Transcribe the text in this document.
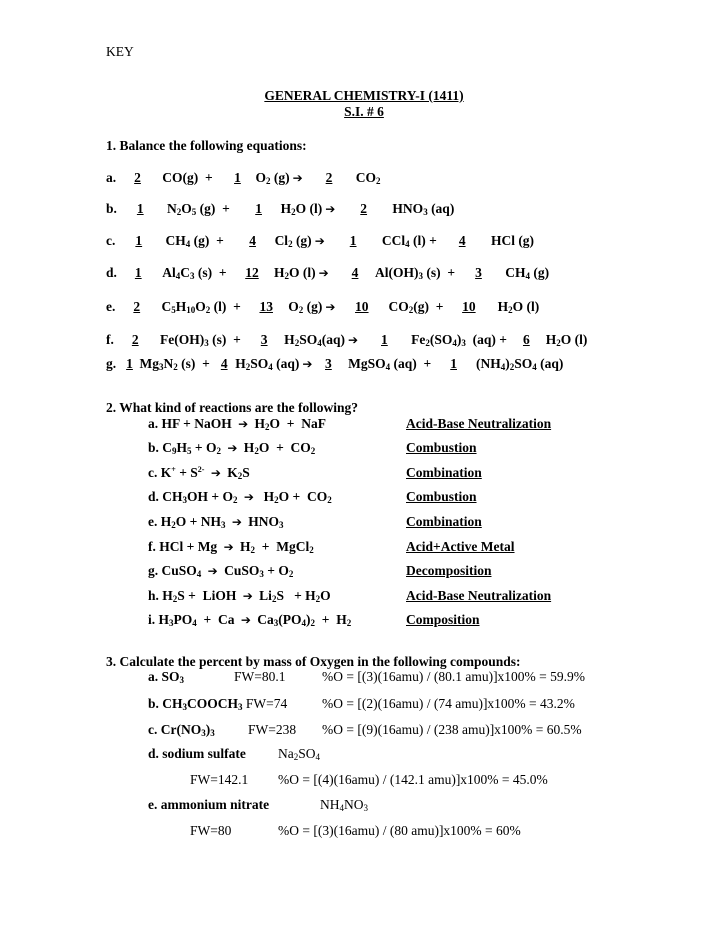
KEY
GENERAL CHEMISTRY-I (1411)
S.I. # 6
1. Balance the following equations:
a. 2  CO(g)  +  1 $O_2$ (g) ➔ 2  $CO_2$
b. 1  $N_2O_5$ (g)  +  1 $H_2O$ (l) ➔ 2  $HNO_3$ (aq)
c. 1  $CH_4$ (g)  +  4 $Cl_2$ (g) ➔ 1  CCl$_4$ (l) + 4  HCl (g)
d. 1  $Al_4C_3$ (s)  + 12 $H_2O$ (l) ➔ 4 $Al(OH)_3$ (s)  + 3  $CH_4$ (g)
e. 2  $C_5H_{10}O_2$ (l)  + 13 $O_2$ (g) ➔ 10  $CO_2(g) + 10$  $H_2O$ (l)
f. 2  $Fe(OH)_3$ (s)  + 3 $H_2SO_4(aq)$ ➔ 1  $Fe_2(SO_4)_3$  (aq) + 6 $H_2O$ (l)
g. 1 $Mg_3N_2$ (s)  + 4 $H_2SO_4$ (aq) ➔ 3  MgSO$_4$ (aq)  + 1 $(NH_4)_2SO_4$ (aq)
2. What kind of reactions are the following?
a. HF + NaOH ➔ $H_2O$  +  NaF	Acid-Base Neutralization
b. $C_9H_5 + O_2$ ➔ $H_2O + CO_2$	Combustion
c. $K^+ + S^{2-}$ ➔ $K_2S$	Combination
d. $CH_3OH + O_2$ ➔  $H_2O + CO_2$	Combustion
e. $H_2O + NH_3$ ➔ $HNO_3$	Combination
f. HCl + Mg ➔ $H_2$  +  MgCl$_2$	Acid+Active Metal
g. CuSO$_4$ ➔ CuSO$_3$ + $O_2$	Decomposition
h. $H_2S$ +  LiOH ➔ $Li_2S + H_2O$	Acid-Base Neutralization
i. $H_3PO_4 + Ca$ ➔ $Ca_3(PO_4)_2 + H_2$	Composition
3. Calculate the percent by mass of Oxygen in the following compounds:
a. $SO_3$	FW=80.1	%O = [(3)(16amu) / (80.1 amu)]x100% = 59.9%
b. $CH_3COOCH_3$ FW=74	%O = [(2)(16amu) / (74 amu)]x100% = 43.2%
c. $Cr(NO_3)_3$ FW=238 %O = [(9)(16amu) / (238 amu)]x100% = 60.5%
d. sodium sulfate $Na_2SO_4$
FW=142.1 %O = [(4)(16amu) / (142.1 amu)]x100% = 45.0%
e. ammonium nitrate	$NH_4NO_3$
FW=80	%O = [(3)(16amu) / (80 amu)]x100% = 60%
